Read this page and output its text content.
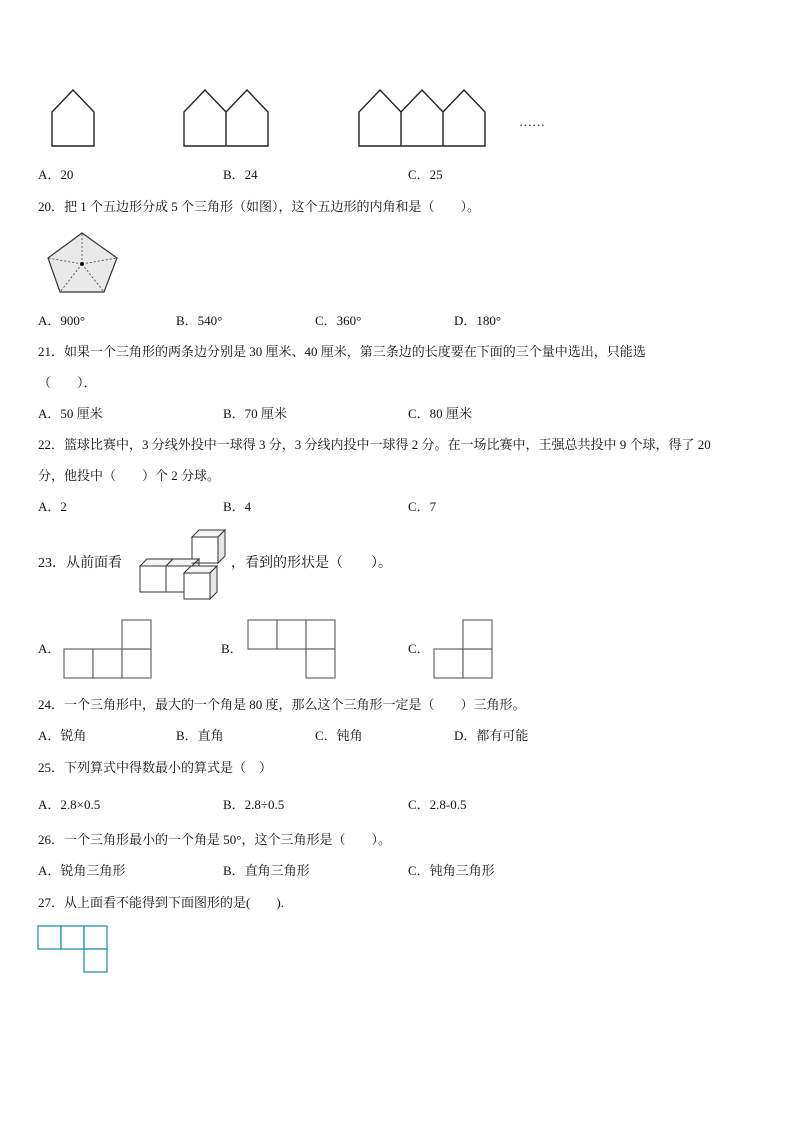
……
A．20	B．24	C．25
20．把 1 个五边形分成 5 个三角形（如图），这个五边形的内角和是（　　）。
A．900°	B．540°	C．360°	D．180°
21．如果一个三角形的两条边分别是 30 厘米、40 厘米，第三条边的长度要在下面的三个量中选出，只能选
（　　）．
A．50 厘米	B．70 厘米	C．80 厘米
22．篮球比赛中，3 分线外投中一球得 3 分，3 分线内投中一球得 2 分。在一场比赛中，王强总共投中 9 个球，得了 20
分，他投中（　　）个 2 分球。
A．2	B．4	C．7
23．从前面看	，看到的形状是（　　）。
A．	B．	C．
24．一个三角形中，最大的一个角是 80 度，那么这个三角形一定是（　　）三角形。
A．锐角	B．直角	C．钝角	D．都有可能
25．下列算式中得数最小的算式是（　）
A．2.8×0.5	B．2.8÷0.5	C．2.8-0.5
26．一个三角形最小的一个角是 50°，这个三角形是（　　）。
A．锐角三角形	B．直角三角形	C．钝角三角形
27．从上面看不能得到下面图形的是(　　).
